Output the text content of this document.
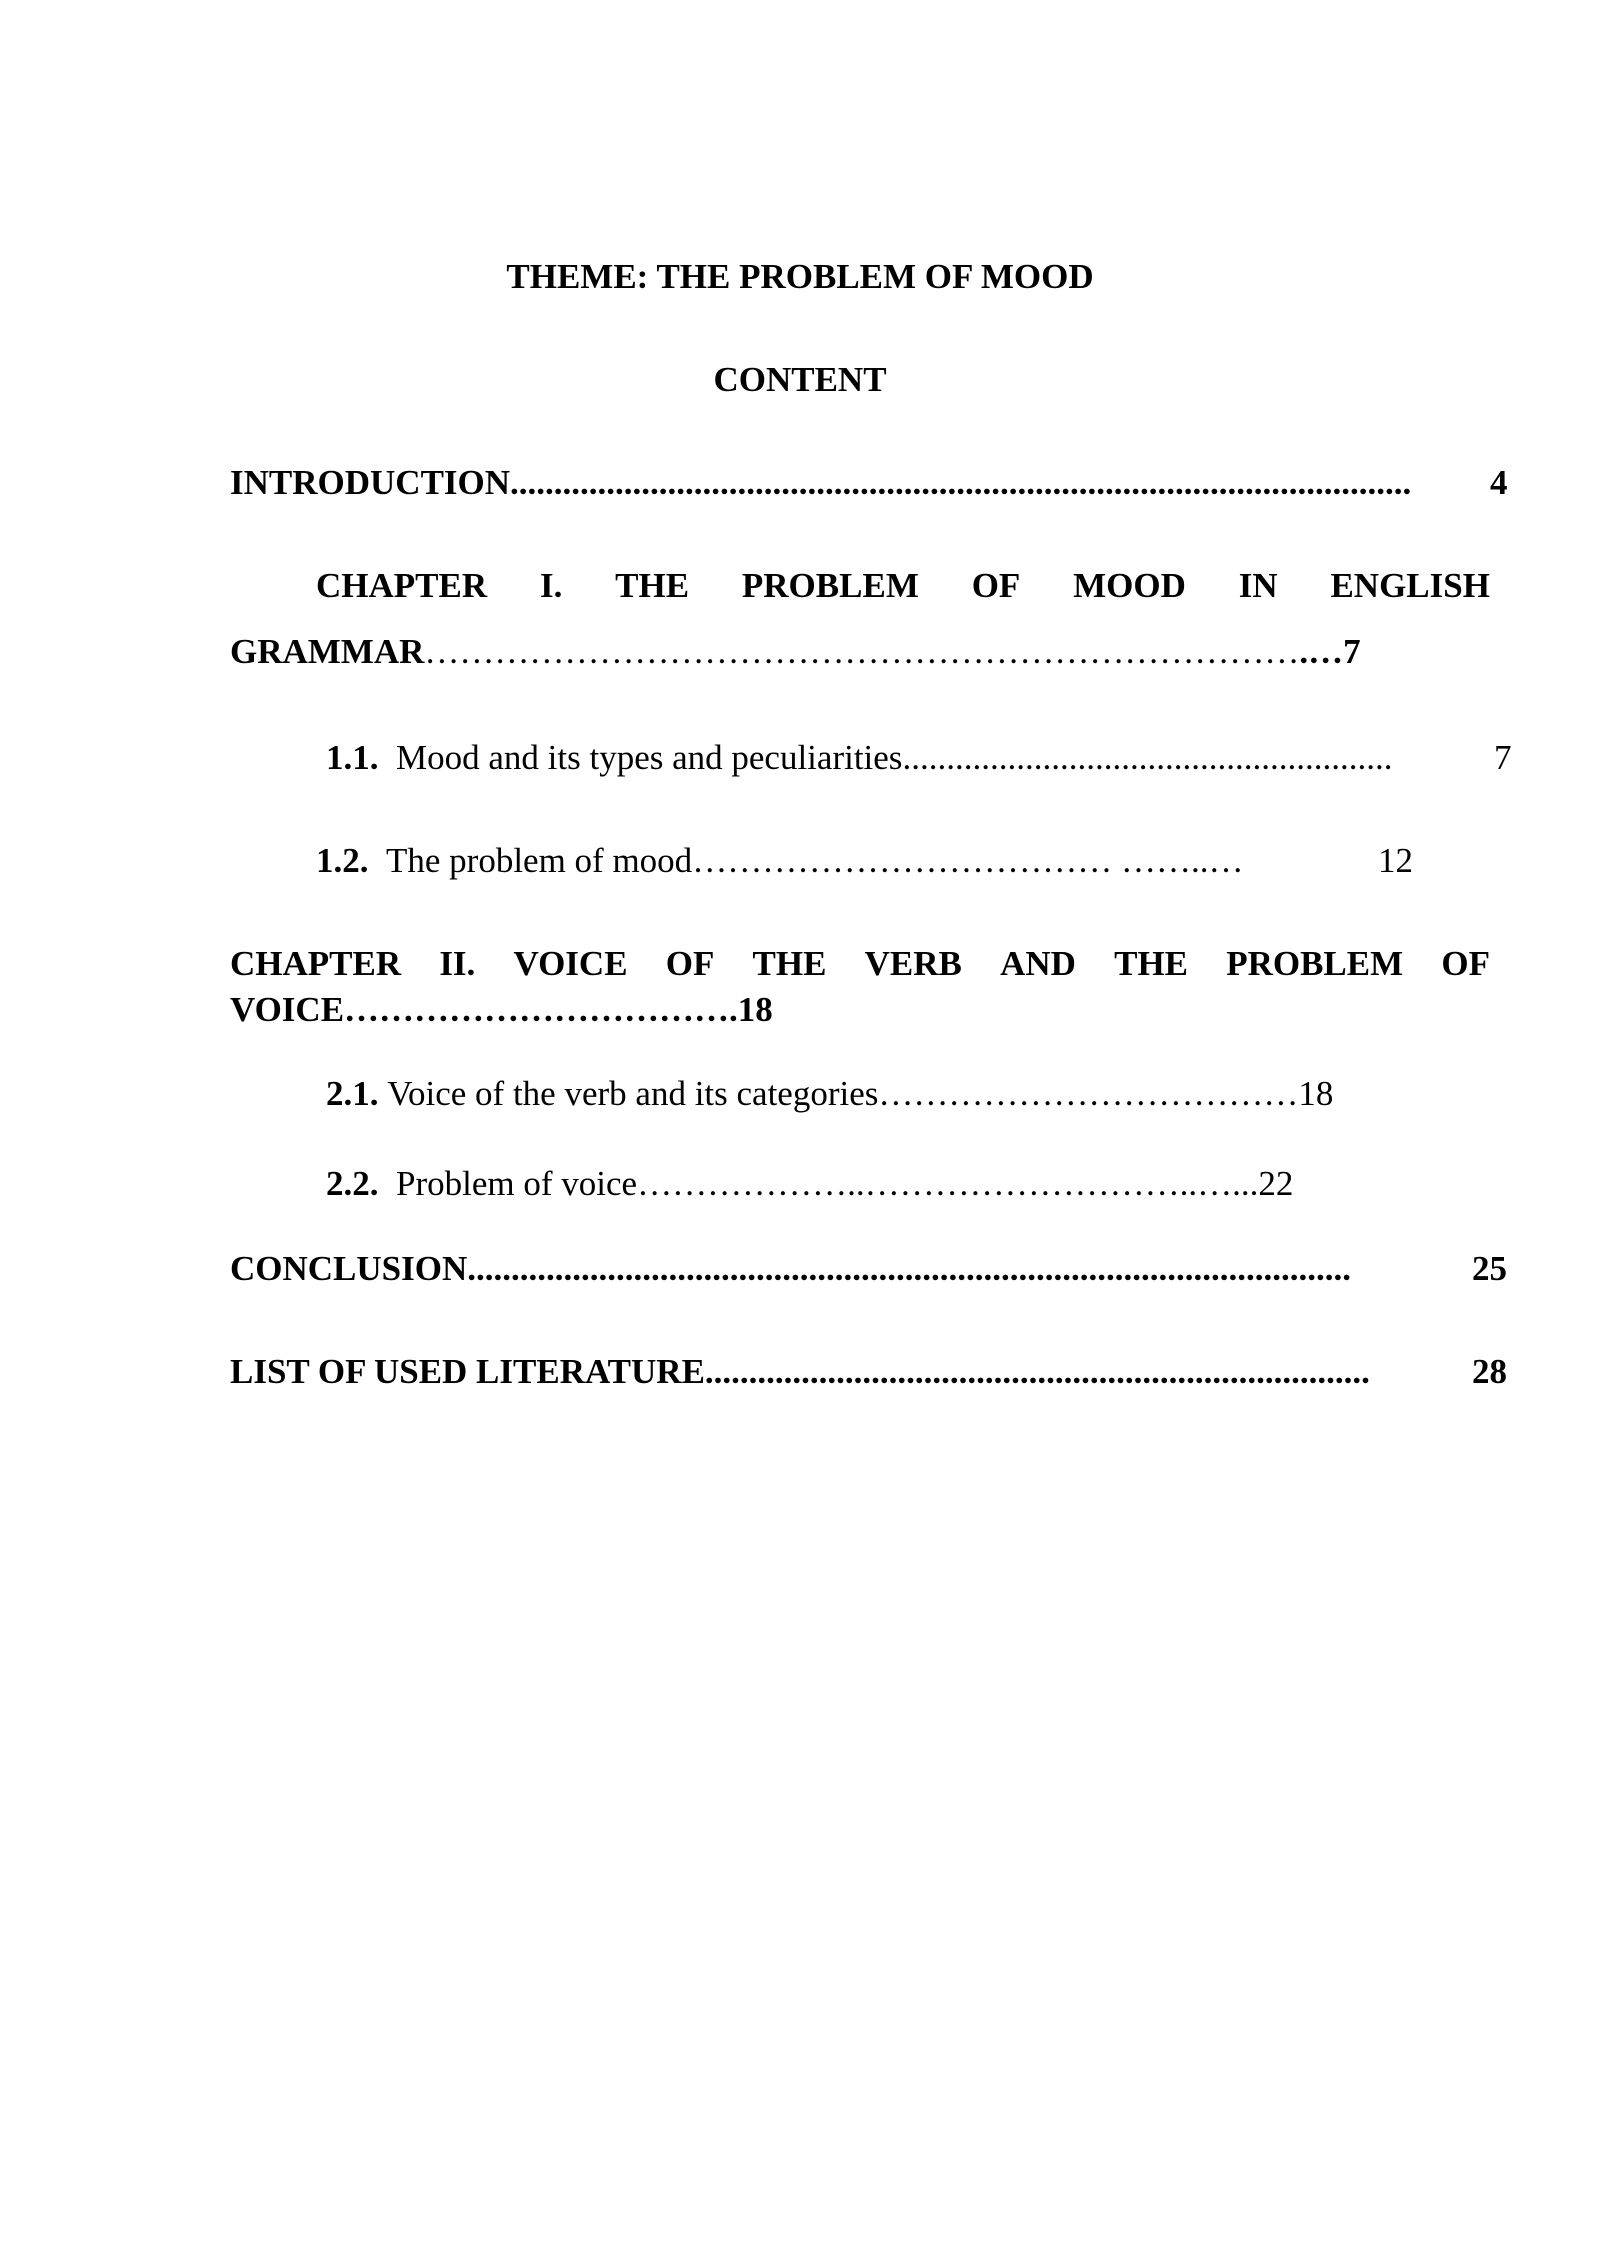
THEME: THE PROBLEM OF MOOD
CONTENT
INTRODUCTION....................................................................................................... 4
CHAPTER I. THE PROBLEM OF MOOD IN ENGLISH
GRAMMAR………………………………………………………………….…7
1.1. Mood and its types and peculiarities........................................................	7
1.2. The problem of mood……………………………… ……..…	12
CHAPTER II. VOICE OF THE VERB AND THE PROBLEM OF
VOICE…………………………….18
2.1. Voice of the verb and its categories………………………………18
2.2. Problem of voice………………..………………………..…...22
CONCLUSION.....................................................................................................	25
LIST OF USED LITERATURE............................................................................	28
